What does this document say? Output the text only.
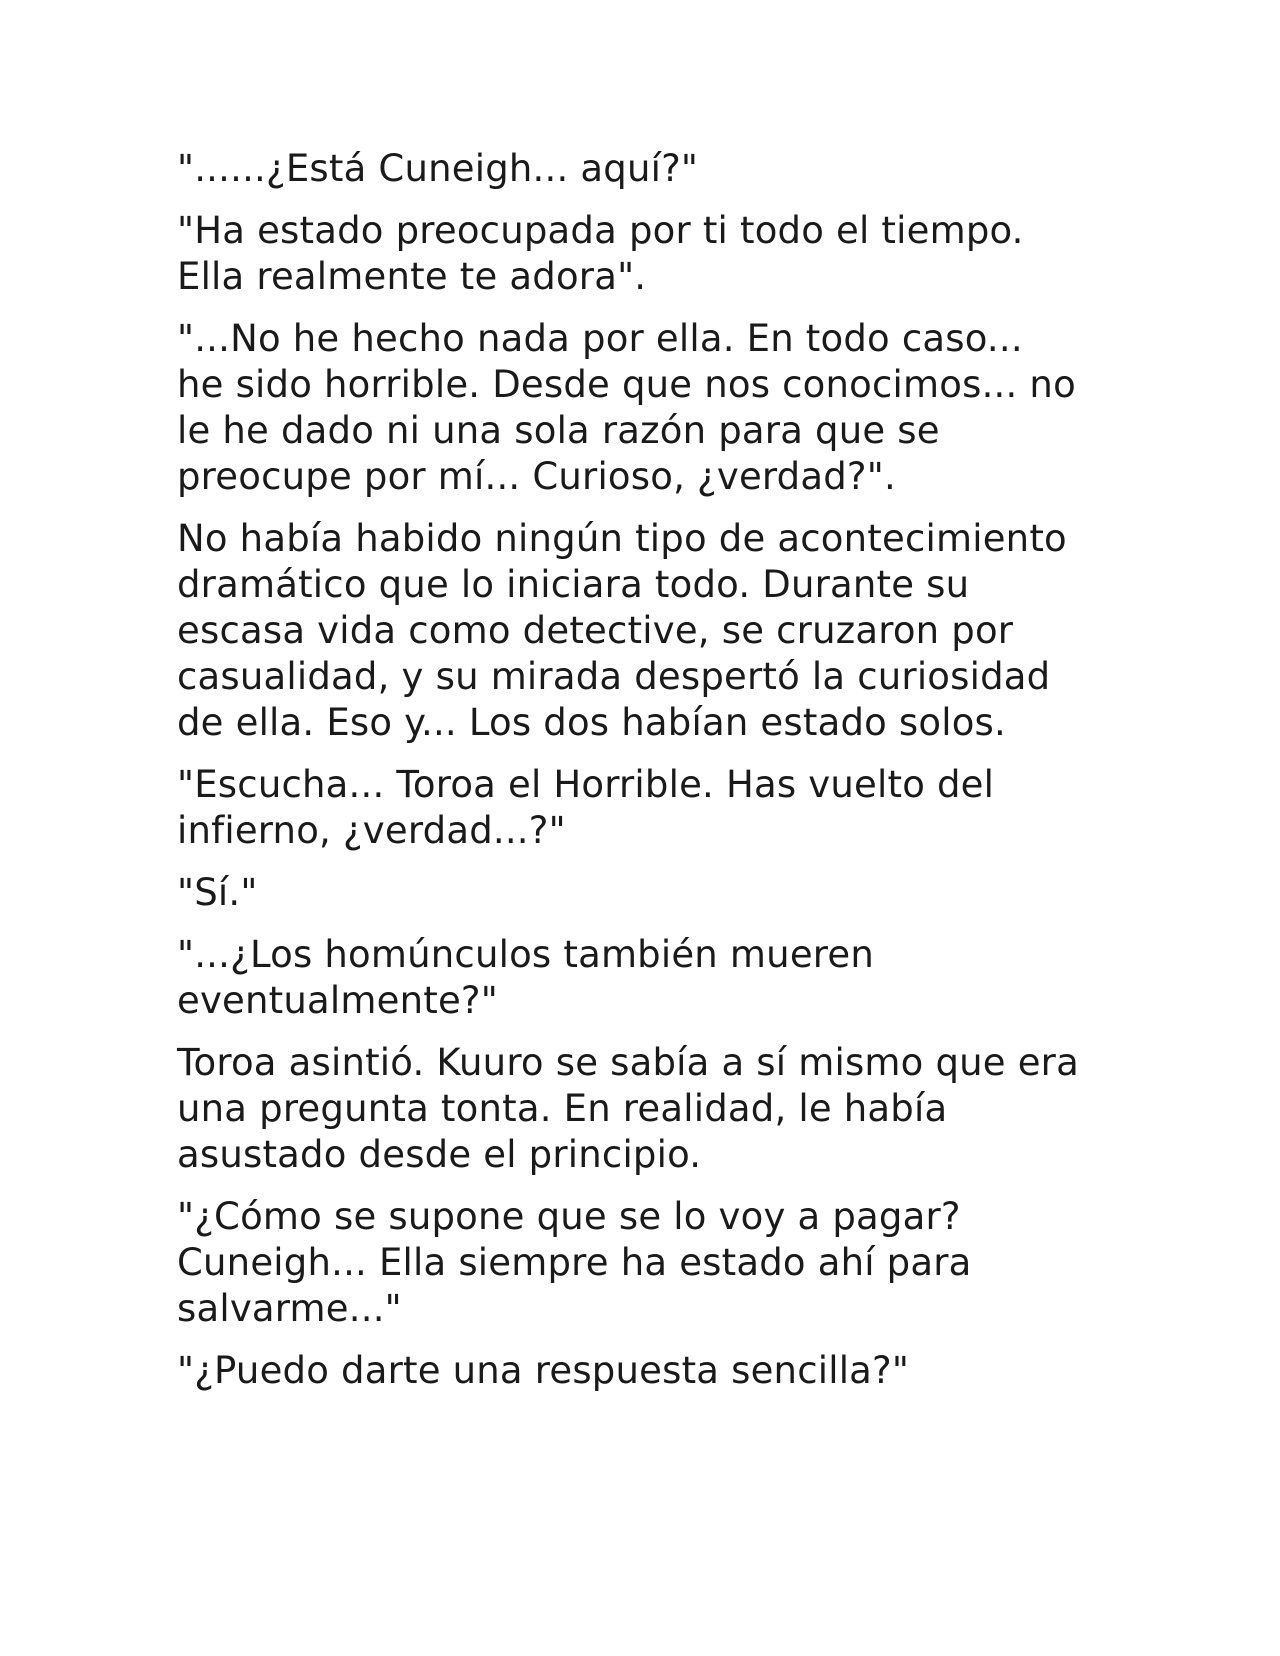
"......¿Está Cuneigh... aquí?"

"Ha estado preocupada por ti todo el tiempo.
Ella realmente te adora".

"...No he hecho nada por ella. En todo caso...
he sido horrible. Desde que nos conocimos... no
le he dado ni una sola razón para que se
preocupe por mí... Curioso, ¿verdad?".

No había habido ningún tipo de acontecimiento
dramático que lo iniciara todo. Durante su
escasa vida como detective, se cruzaron por
casualidad, y su mirada despertó la curiosidad
de ella. Eso y... Los dos habían estado solos.

"Escucha... Toroa el Horrible. Has vuelto del
infierno, ¿verdad...?"

"Sí."

"...¿Los homúnculos también mueren
eventualmente?"

Toroa asintió. Kuuro se sabía a sí mismo que era
una pregunta tonta. En realidad, le había
asustado desde el principio.

"¿Cómo se supone que se lo voy a pagar?
Cuneigh... Ella siempre ha estado ahí para
salvarme..."

"¿Puedo darte una respuesta sencilla?"
